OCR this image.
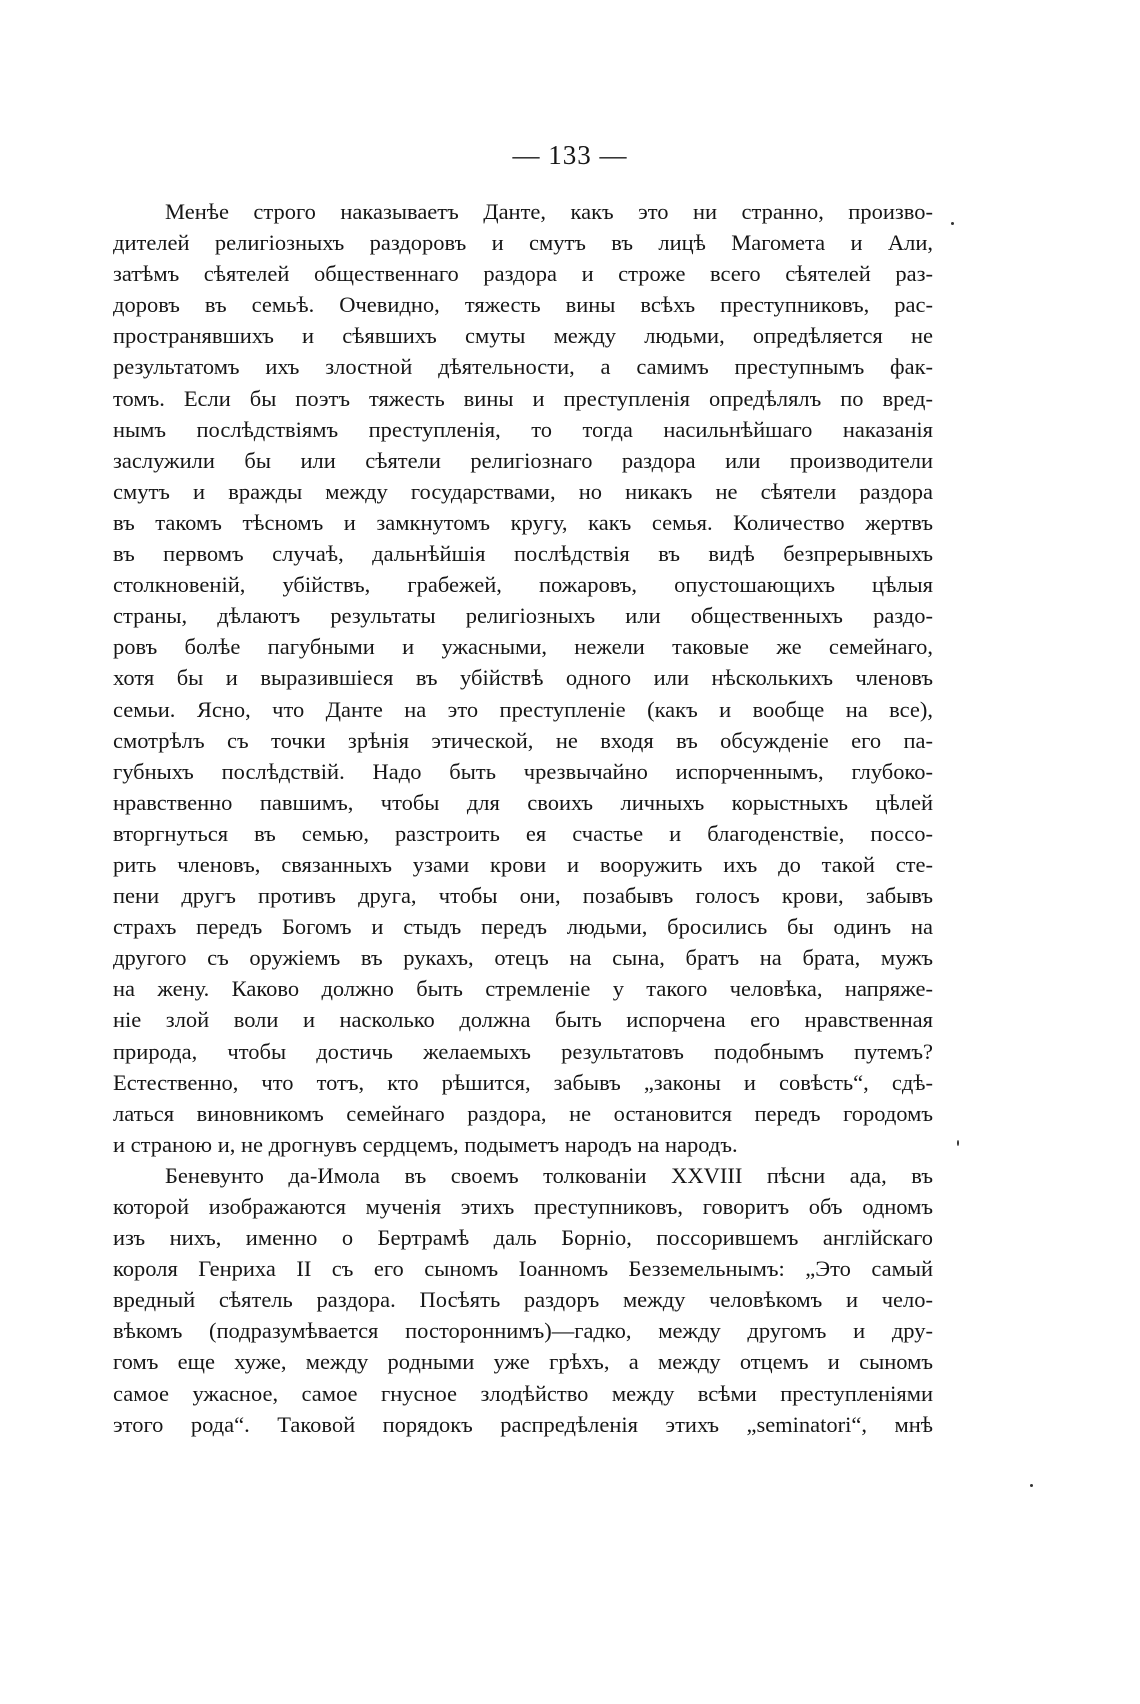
— 133 —
Менѣе строго наказываетъ Данте, какъ это ни странно, произво-
дителей религіозныхъ раздоровъ и смутъ въ лицѣ Магомета и Али,
затѣмъ сѣятелей общественнаго раздора и строже всего сѣятелей раз-
доровъ въ семьѣ. Очевидно, тяжесть вины всѣхъ преступниковъ, рас-
пространявшихъ и сѣявшихъ смуты между людьми, опредѣляется не
результатомъ ихъ злостной дѣятельности, а самимъ преступнымъ фак-
томъ. Если бы поэтъ тяжесть вины и преступленія опредѣлялъ по вред-
нымъ послѣдствіямъ преступленія, то тогда насильнѣйшаго наказанія
заслужили бы или сѣятели религіознаго раздора или производители
смутъ и вражды между государствами, но никакъ не сѣятели раздора
въ такомъ тѣсномъ и замкнутомъ кругу, какъ семья. Количество жертвъ
въ первомъ случаѣ, дальнѣйшія послѣдствія въ видѣ безпрерывныхъ
столкновеній, убійствъ, грабежей, пожаровъ, опустошающихъ цѣлыя
страны, дѣлаютъ результаты религіозныхъ или общественныхъ раздо-
ровъ болѣе пагубными и ужасными, нежели таковые же семейнаго,
хотя бы и выразившіеся въ убійствѣ одного или нѣсколькихъ членовъ
семьи. Ясно, что Данте на это преступленіе (какъ и вообще на все),
смотрѣлъ съ точки зрѣнія этической, не входя въ обсужденіе его па-
губныхъ послѣдствій. Надо быть чрезвычайно испорченнымъ, глубоко-
нравственно павшимъ, чтобы для своихъ личныхъ корыстныхъ цѣлей
вторгнуться въ семью, разстроить ея счастье и благоденствіе, поссо-
рить членовъ, связанныхъ узами крови и вооружить ихъ до такой сте-
пени другъ противъ друга, чтобы они, позабывъ голосъ крови, забывъ
страхъ передъ Богомъ и стыдъ передъ людьми, бросились бы одинъ на
другого съ оружіемъ въ рукахъ, отецъ на сына, братъ на брата, мужъ
на жену. Каково должно быть стремленіе у такого человѣка, напряже-
ніе злой воли и насколько должна быть испорчена его нравственная
природа, чтобы достичь желаемыхъ результатовъ подобнымъ путемъ?
Естественно, что тотъ, кто рѣшится, забывъ „законы и совѣсть“, сдѣ-
латься виновникомъ семейнаго раздора, не остановится передъ городомъ
и страною и, не дрогнувъ сердцемъ, подыметъ народъ на народъ.
Беневунто да-Имола въ своемъ толкованіи XXVIII пѣсни ада, въ
которой изображаются мученія этихъ преступниковъ, говоритъ объ одномъ
изъ нихъ, именно о Бертрамѣ даль Борніо, поссорившемъ англійскаго
короля Генриха II съ его сыномъ Іоанномъ Безземельнымъ: „Это самый
вредный сѣятель раздора. Посѣять раздоръ между человѣкомъ и чело-
вѣкомъ (подразумѣвается постороннимъ)—гадко, между другомъ и дру-
гомъ еще хуже, между родными уже грѣхъ, а между отцемъ и сыномъ
самое ужасное, самое гнусное злодѣйство между всѣми преступленіями
этого рода“. Таковой порядокъ распредѣленія этихъ „seminatori“, мнѣ
